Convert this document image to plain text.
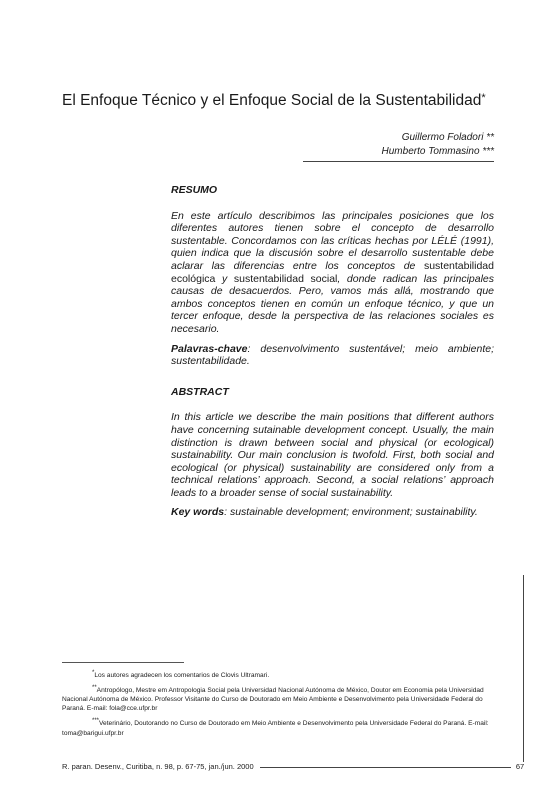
El Enfoque Técnico y el Enfoque Social de la Sustentabilidad*
Guillermo Foladori **
Humberto Tommasino ***

RESUMO

En este artículo describimos las principales posiciones que los diferentes autores tienen sobre el concepto de desarrollo sustentable. Concordamos con las críticas hechas por LÉLÉ (1991), quien indica que la discusión sobre el desarrollo sustentable debe aclarar las diferencias entre los conceptos de sustentabilidad ecológica y sustentabilidad social, donde radican las principales causas de desacuerdos. Pero, vamos más allá, mostrando que ambos conceptos tienen en común un enfoque técnico, y que un tercer enfoque, desde la perspectiva de las relaciones sociales es necesario.

Palavras-chave: desenvolvimento sustentável; meio ambiente; sustentabilidade.

ABSTRACT

In this article we describe the main positions that different authors have concerning sutainable development concept. Usually, the main distinction is drawn between social and physical (or ecological) sustainability. Our main conclusion is twofold. First, both social and ecological (or physical) sustainability are considered only from a technical relations’ approach. Second, a social relations’ approach leads to a broader sense of social sustainability.

Key words: sustainable development; environment; sustainability.

*Los autores agradecen los comentarios de Clovis Ultramari.

**Antropólogo, Mestre em Antropologia Social pela Universidad Nacional Autónoma de México, Doutor em Economia pela Universidad Nacional Autónoma de México. Professor Visitante do Curso de Doutorado em Meio Ambiente e Desenvolvimento pela Universidade Federal do Paraná. E-mail: fola@cce.ufpr.br

***Veterinário, Doutorando no Curso de Doutorado em Meio Ambiente e Desenvolvimento pela Universidade Federal do Paraná. E-mail: toma@barigui.ufpr.br

R. paran. Desenv., Curitiba, n. 98, p. 67-75, jan./jun. 2000	67
